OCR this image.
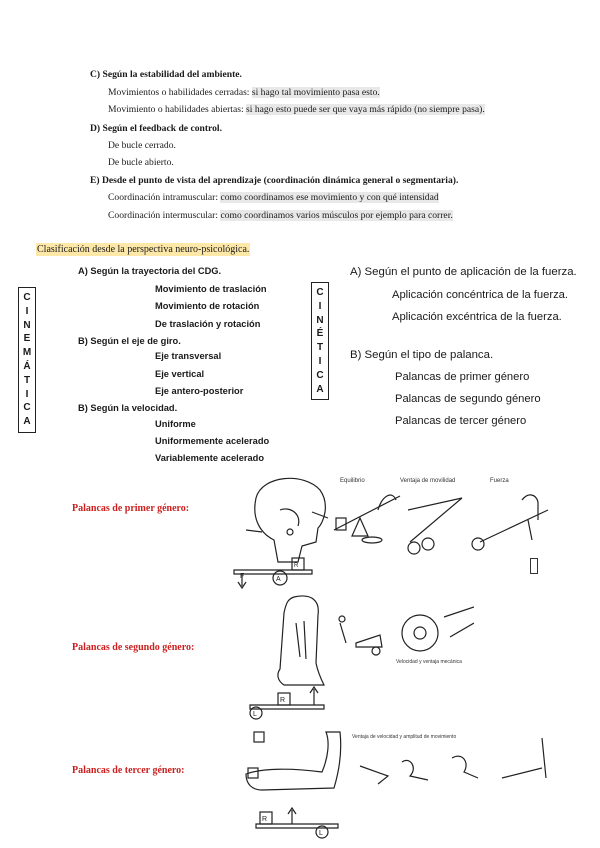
C) Según la estabilidad del ambiente.
Movimientos o habilidades cerradas: si hago tal movimiento pasa esto.
Movimiento o habilidades abiertas: si hago esto puede ser que vaya más rápido (no siempre pasa).
D) Según el feedback de control.
De bucle cerrado.
De bucle abierto.
E) Desde el punto de vista del aprendizaje (coordinación dinámica general o segmentaria).
Coordinación intramuscular: como coordinamos ese movimiento y con qué intensidad
Coordinación intermuscular: como coordinamos varios músculos por ejemplo para correr.
Clasificación desde la perspectiva neuro-psicológica.
C
I
N
E
M
Á
T
I
C
A
A) Según la trayectoria del CDG.
Movimiento de traslación
Movimiento de rotación
De traslación y rotación
B) Según el eje de giro.
Eje transversal
Eje vertical
Eje antero-posterior
B) Según la velocidad.
Uniforme
Uniformemente acelerado
Variablemente acelerado
C
I
N
É
T
I
C
A
A) Según el punto de aplicación de la fuerza.
Aplicación concéntrica de la fuerza.
Aplicación excéntrica de la fuerza.
B) Según el tipo de palanca.
Palancas de primer género
Palancas de segundo género
Palancas de tercer género
Palancas de primer género:
Palancas de segundo género:
Palancas de tercer género:
F
R
A
Equilibrio	Ventaja de movilidad	Fuerza
R
L
Velocidad y ventaja mecánica
R
L
Ventaja de velocidad y amplitud de movimiento
